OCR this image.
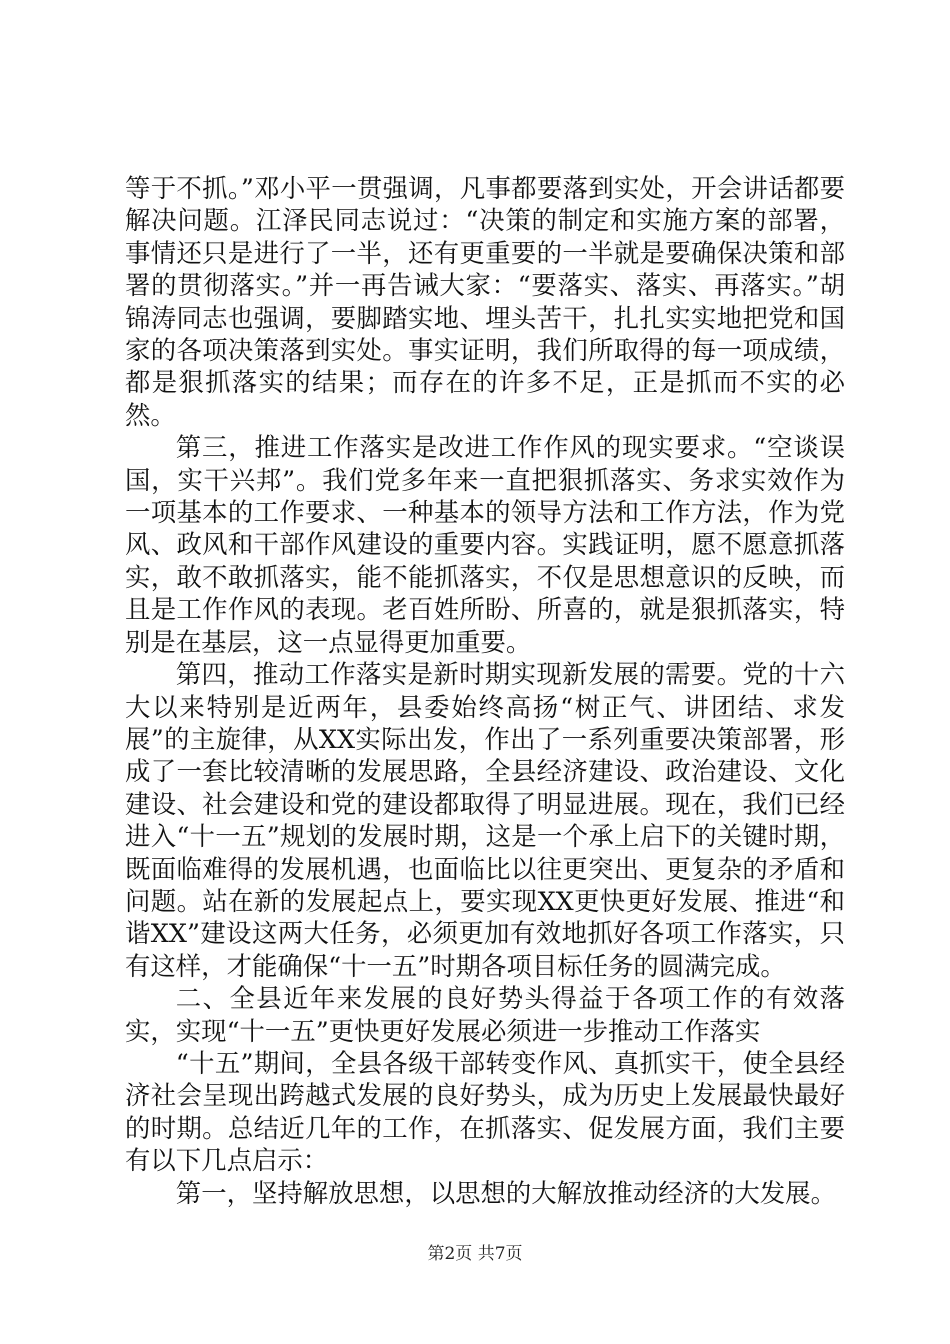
等于不抓。”邓小平一贯强调，凡事都要落到实处，开会讲话都要解决问题。江泽民同志说过：“决策的制定和实施方案的部署，事情还只是进行了一半，还有更重要的一半就是要确保决策和部署的贯彻落实。”并一再告诫大家：“要落实、落实、再落实。”胡锦涛同志也强调，要脚踏实地、埋头苦干，扎扎实实地把党和国家的各项决策落到实处。事实证明，我们所取得的每一项成绩，都是狠抓落实的结果；而存在的许多不足，正是抓而不实的必然。

第三，推进工作落实是改进工作作风的现实要求。“空谈误国，实干兴邦”。我们党多年来一直把狠抓落实、务求实效作为一项基本的工作要求、一种基本的领导方法和工作方法，作为党风、政风和干部作风建设的重要内容。实践证明，愿不愿意抓落实，敢不敢抓落实，能不能抓落实，不仅是思想意识的反映，而且是工作作风的表现。老百姓所盼、所喜的，就是狠抓落实，特别是在基层，这一点显得更加重要。

第四，推动工作落实是新时期实现新发展的需要。党的十六大以来特别是近两年，县委始终高扬“树正气、讲团结、求发展”的主旋律，从XX实际出发，作出了一系列重要决策部署，形成了一套比较清晰的发展思路，全县经济建设、政治建设、文化建设、社会建设和党的建设都取得了明显进展。现在，我们已经进入“十一五”规划的发展时期，这是一个承上启下的关键时期，既面临难得的发展机遇，也面临比以往更突出、更复杂的矛盾和问题。站在新的发展起点上，要实现XX更快更好发展、推进“和谐XX”建设这两大任务，必须更加有效地抓好各项工作落实，只有这样，才能确保“十一五”时期各项目标任务的圆满完成。

二、全县近年来发展的良好势头得益于各项工作的有效落实，实现“十一五”更快更好发展必须进一步推动工作落实

“十五”期间，全县各级干部转变作风、真抓实干，使全县经济社会呈现出跨越式发展的良好势头，成为历史上发展最快最好的时期。总结近几年的工作，在抓落实、促发展方面，我们主要有以下几点启示：

第一，坚持解放思想，以思想的大解放推动经济的大发展。

第2页 共7页
